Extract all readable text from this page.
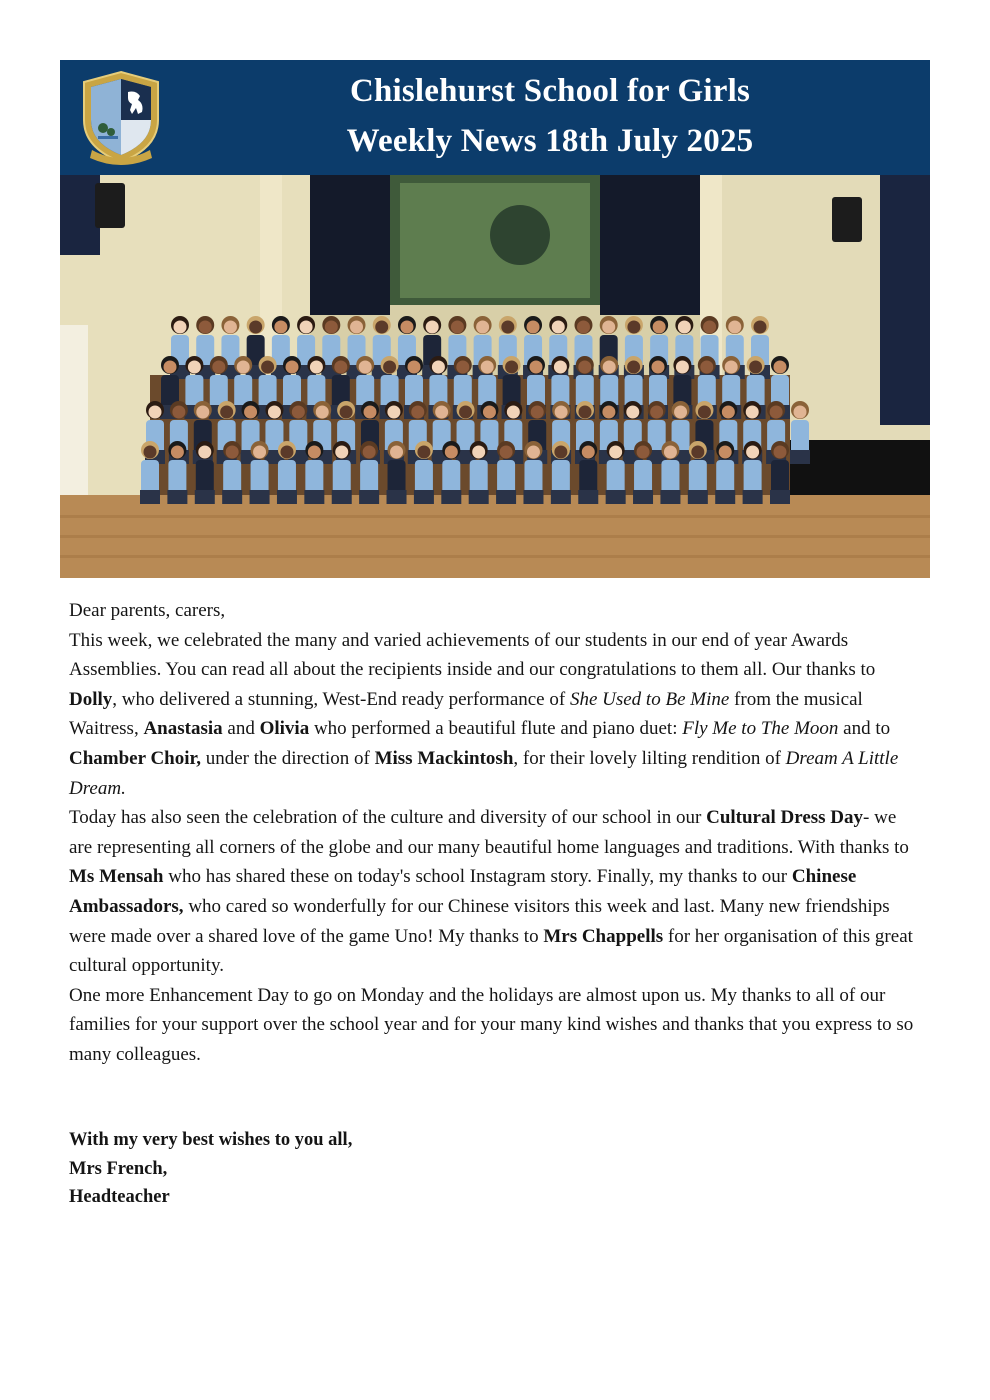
Chislehurst School for Girls
Weekly News 18th July 2025

Dear parents, carers,

This week, we celebrated the many and varied achievements of our students in our end of year Awards Assemblies. You can read all about the recipients inside and our congratulations to them all. Our thanks to Dolly, who delivered a stunning, West-End ready performance of She Used to Be Mine from the musical Waitress, Anastasia and Olivia who performed a beautiful flute and piano duet: Fly Me to The Moon and to Chamber Choir, under the direction of Miss Mackintosh, for their lovely lilting rendition of Dream A Little Dream.

Today has also seen the celebration of the culture and diversity of our school in our Cultural Dress Day- we are representing all corners of the globe and our many beautiful home languages and traditions. With thanks to Ms Mensah who has shared these on today's school Instagram story. Finally, my thanks to our Chinese Ambassadors, who cared so wonderfully for our Chinese visitors this week and last. Many new friendships were made over a shared love of the game Uno! My thanks to Mrs Chappells for her organisation of this great cultural opportunity.

One more Enhancement Day to go on Monday and the holidays are almost upon us. My thanks to all of our families for your support over the school year and for your many kind wishes and thanks that you express to so many colleagues.

With my very best wishes to you all,
Mrs French,
Headteacher
